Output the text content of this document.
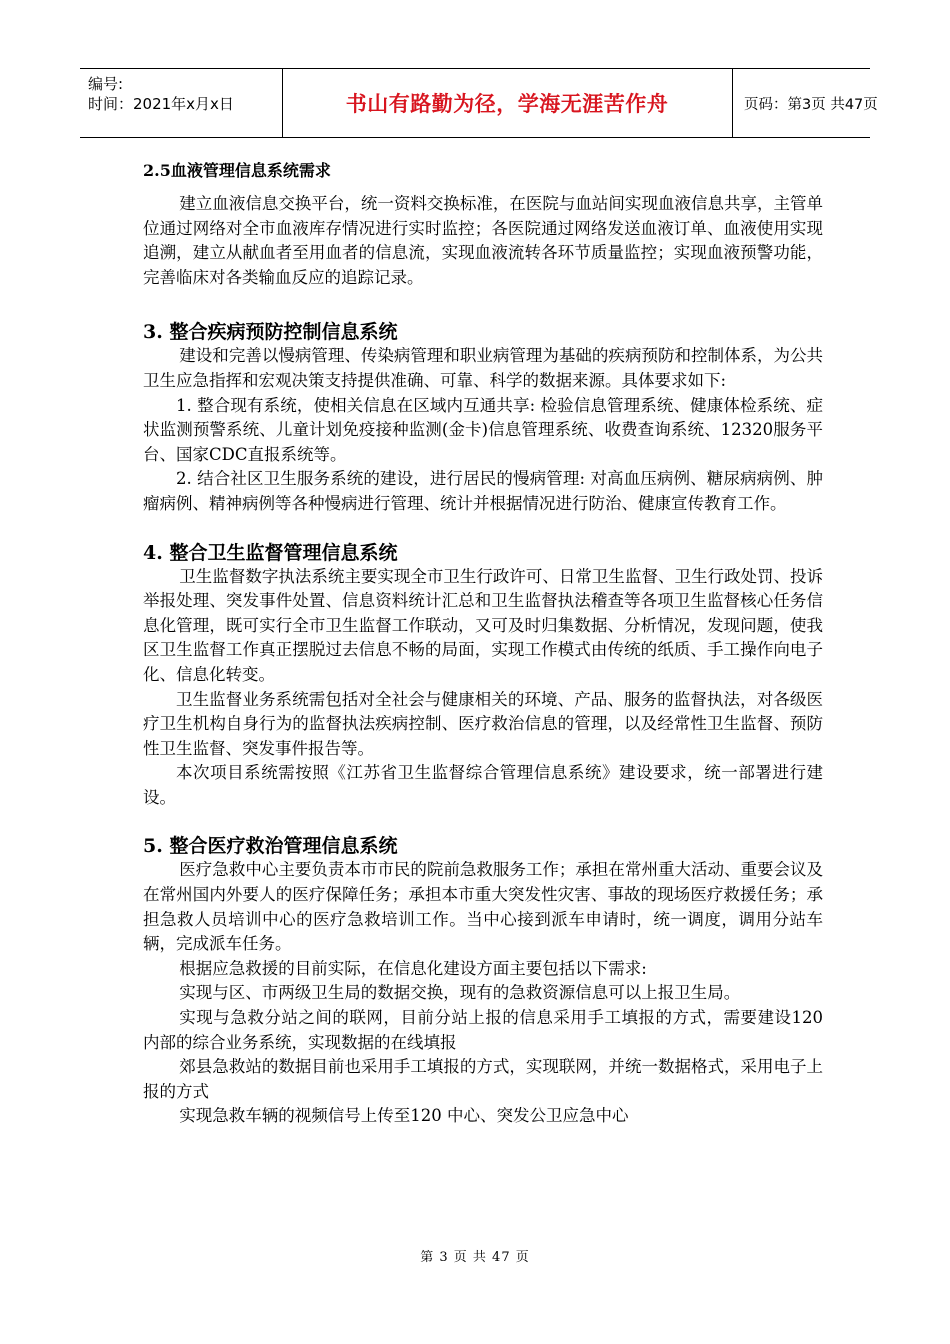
编号:
时间：2021年x月x日	书山有路勤为径，学海无涯苦作舟	页码：第3页 共47页

2.5血液管理信息系统需求

建立血液信息交换平台，统一资料交换标准，在医院与血站间实现血液信息共享，主管单位通过网络对全市血液库存情况进行实时监控；各医院通过网络发送血液订单、血液使用实现追溯，建立从献血者至用血者的信息流，实现血液流转各环节质量监控；实现血液预警功能，完善临床对各类输血反应的追踪记录。

3. 整合疾病预防控制信息系统

建设和完善以慢病管理、传染病管理和职业病管理为基础的疾病预防和控制体系，为公共卫生应急指挥和宏观决策支持提供准确、可靠、科学的数据来源。具体要求如下:

1. 整合现有系统，使相关信息在区域内互通共享: 检验信息管理系统、健康体检系统、症状监测预警系统、儿童计划免疫接种监测(金卡)信息管理系统、收费查询系统、12320服务平台、国家CDC直报系统等。

2. 结合社区卫生服务系统的建设，进行居民的慢病管理: 对高血压病例、糖尿病病例、肿瘤病例、精神病例等各种慢病进行管理、统计并根据情况进行防治、健康宣传教育工作。

4. 整合卫生监督管理信息系统

卫生监督数字执法系统主要实现全市卫生行政许可、日常卫生监督、卫生行政处罚、投诉举报处理、突发事件处置、信息资料统计汇总和卫生监督执法稽查等各项卫生监督核心任务信息化管理，既可实行全市卫生监督工作联动，又可及时归集数据、分析情况，发现问题，使我区卫生监督工作真正摆脱过去信息不畅的局面，实现工作模式由传统的纸质、手工操作向电子化、信息化转变。

卫生监督业务系统需包括对全社会与健康相关的环境、产品、服务的监督执法，对各级医疗卫生机构自身行为的监督执法疾病控制、医疗救治信息的管理，以及经常性卫生监督、预防性卫生监督、突发事件报告等。

本次项目系统需按照《江苏省卫生监督综合管理信息系统》建设要求，统一部署进行建设。

5. 整合医疗救治管理信息系统

医疗急救中心主要负责本市市民的院前急救服务工作；承担在常州重大活动、重要会议及在常州国内外要人的医疗保障任务；承担本市重大突发性灾害、事故的现场医疗救援任务；承担急救人员培训中心的医疗急救培训工作。当中心接到派车申请时，统一调度，调用分站车辆，完成派车任务。

根据应急救援的目前实际，在信息化建设方面主要包括以下需求:

实现与区、市两级卫生局的数据交换，现有的急救资源信息可以上报卫生局。

实现与急救分站之间的联网，目前分站上报的信息采用手工填报的方式，需要建设120 内部的综合业务系统，实现数据的在线填报

郊县急救站的数据目前也采用手工填报的方式，实现联网，并统一数据格式，采用电子上报的方式

实现急救车辆的视频信号上传至120 中心、突发公卫应急中心

第 3 页 共 47 页
